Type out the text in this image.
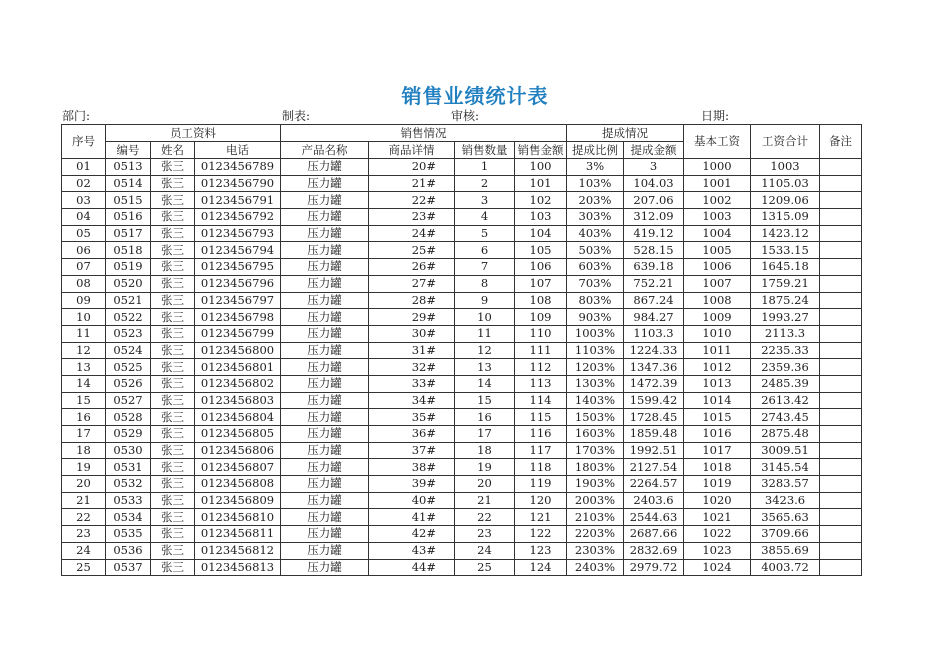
销售业绩统计表
部门:	制表:	审核:	日期:
序号	员工资料			销售情况				提成情况		基本工资	工资合计	备注
	编号	姓名	电话	产品名称	商品详情	销售数量	销售金额	提成比例	提成金额			
01	0513	张三	0123456789	压力罐	20#	1	100	3%	3	1000	1003	
02	0514	张三	0123456790	压力罐	21#	2	101	103%	104.03	1001	1105.03	
03	0515	张三	0123456791	压力罐	22#	3	102	203%	207.06	1002	1209.06	
04	0516	张三	0123456792	压力罐	23#	4	103	303%	312.09	1003	1315.09	
05	0517	张三	0123456793	压力罐	24#	5	104	403%	419.12	1004	1423.12	
06	0518	张三	0123456794	压力罐	25#	6	105	503%	528.15	1005	1533.15	
07	0519	张三	0123456795	压力罐	26#	7	106	603%	639.18	1006	1645.18	
08	0520	张三	0123456796	压力罐	27#	8	107	703%	752.21	1007	1759.21	
09	0521	张三	0123456797	压力罐	28#	9	108	803%	867.24	1008	1875.24	
10	0522	张三	0123456798	压力罐	29#	10	109	903%	984.27	1009	1993.27	
11	0523	张三	0123456799	压力罐	30#	11	110	1003%	1103.3	1010	2113.3	
12	0524	张三	0123456800	压力罐	31#	12	111	1103%	1224.33	1011	2235.33	
13	0525	张三	0123456801	压力罐	32#	13	112	1203%	1347.36	1012	2359.36	
14	0526	张三	0123456802	压力罐	33#	14	113	1303%	1472.39	1013	2485.39	
15	0527	张三	0123456803	压力罐	34#	15	114	1403%	1599.42	1014	2613.42	
16	0528	张三	0123456804	压力罐	35#	16	115	1503%	1728.45	1015	2743.45	
17	0529	张三	0123456805	压力罐	36#	17	116	1603%	1859.48	1016	2875.48	
18	0530	张三	0123456806	压力罐	37#	18	117	1703%	1992.51	1017	3009.51	
19	0531	张三	0123456807	压力罐	38#	19	118	1803%	2127.54	1018	3145.54	
20	0532	张三	0123456808	压力罐	39#	20	119	1903%	2264.57	1019	3283.57	
21	0533	张三	0123456809	压力罐	40#	21	120	2003%	2403.6	1020	3423.6	
22	0534	张三	0123456810	压力罐	41#	22	121	2103%	2544.63	1021	3565.63	
23	0535	张三	0123456811	压力罐	42#	23	122	2203%	2687.66	1022	3709.66	
24	0536	张三	0123456812	压力罐	43#	24	123	2303%	2832.69	1023	3855.69	
25	0537	张三	0123456813	压力罐	44#	25	124	2403%	2979.72	1024	4003.72	
